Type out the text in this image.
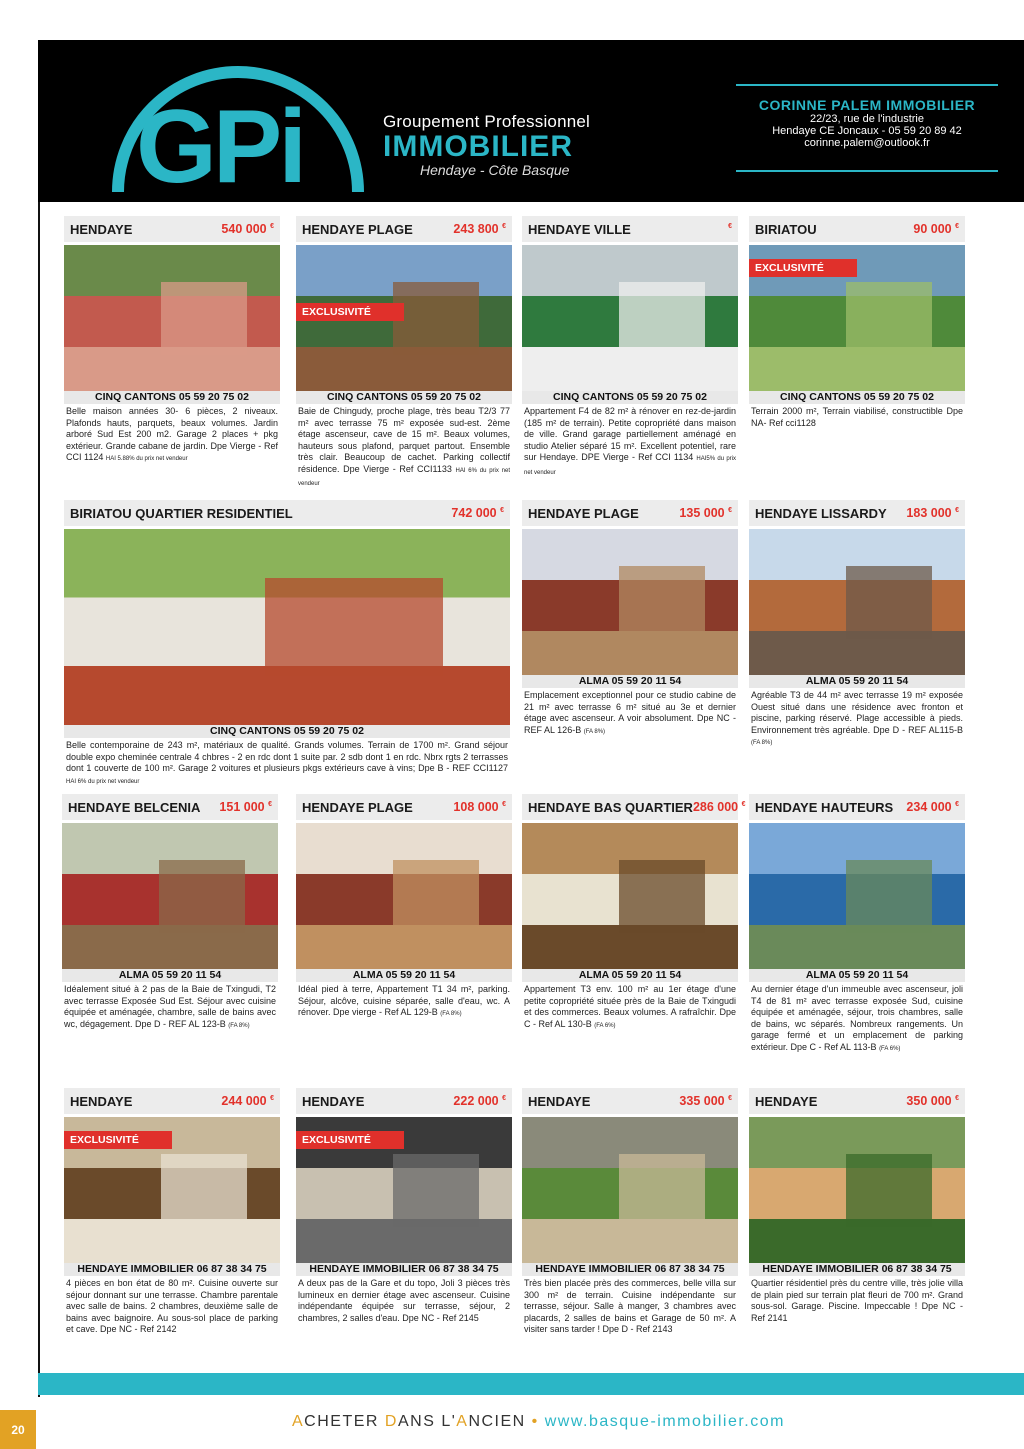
GPi	Groupement Professionnel
IMMOBILIER
Hendaye - Côte Basque
CORINNE PALEM IMMOBILIER
22/23, rue de l'industrie
Hendaye CE Joncaux - 05 59 20 89 42
corinne.palem@outlook.fr
HENDAYE	540 000 €
CINQ CANTONS 05 59 20 75 02
Belle maison années 30- 6 pièces, 2 niveaux. Plafonds hauts, parquets, beaux volumes. Jardin arboré Sud Est 200 m2. Garage 2 places + pkg extérieur. Grande cabane de jardin. Dpe Vierge - Ref CCI 1124 HAI 5.88% du prix net vendeur
HENDAYE PLAGE	243 800 €
EXCLUSIVITÉ
CINQ CANTONS 05 59 20 75 02
Baie de Chingudy, proche plage, très beau T2/3 77 m² avec terrasse 75 m² exposée sud-est. 2ème étage ascenseur, cave de 15 m². Beaux volumes, hauteurs sous plafond, parquet partout. Ensemble très clair. Beaucoup de cachet. Parking collectif résidence. Dpe Vierge - Ref CCI1133 HAI 6% du prix net vendeur
HENDAYE VILLE	€
CINQ CANTONS 05 59 20 75 02
Appartement F4 de 82 m² à rénover en rez-de-jardin (185 m² de terrain). Petite copropriété dans maison de ville. Grand garage partiellement aménagé en studio Atelier séparé 15 m². Excellent potentiel, rare sur Hendaye. DPE Vierge - Ref CCI 1134 HAI5% du prix net vendeur
BIRIATOU	90 000 €
EXCLUSIVITÉ
CINQ CANTONS 05 59 20 75 02
Terrain 2000 m², Terrain viabilisé, constructible Dpe NA- Ref cci1128
BIRIATOU QUARTIER RESIDENTIEL	742 000 €
CINQ CANTONS 05 59 20 75 02
Belle contemporaine de 243 m², matériaux de qualité. Grands volumes. Terrain de 1700 m². Grand séjour double expo cheminée centrale 4 chbres - 2 en rdc dont 1 suite par. 2 sdb dont 1 en rdc. Nbrx rgts 2 terrasses dont 1 couverte de 100 m². Garage 2 voitures et plusieurs pkgs extérieurs cave à vins; Dpe B - REF CCI1127 HAI 6% du prix net vendeur
HENDAYE PLAGE	135 000 €
ALMA 05 59 20 11 54
Emplacement exceptionnel pour ce studio cabine de 21 m² avec terrasse 6 m² situé au 3e et dernier étage avec ascenseur. A voir absolument. Dpe NC - REF AL 126-B (FA 8%)
HENDAYE LISSARDY 183 000 €
ALMA 05 59 20 11 54
Agréable T3 de 44 m² avec terrasse 19 m² exposée Ouest situé dans une résidence avec fronton et piscine, parking réservé. Plage accessible à pieds. Environnement très agréable. Dpe D - REF AL115-B (FA 8%)
HENDAYE BELCENIA 151 000 €
ALMA 05 59 20 11 54
Idéalement situé à 2 pas de la Baie de Txingudi, T2 avec terrasse Exposée Sud Est. Séjour avec cuisine équipée et aménagée, chambre, salle de bains avec wc, dégagement. Dpe D - REF AL 123-B (FA 8%)
HENDAYE PLAGE	108 000 €
ALMA 05 59 20 11 54
Idéal pied à terre, Appartement T1 34 m², parking. Séjour, alcôve, cuisine séparée, salle d'eau, wc. A rénover. Dpe vierge - Ref AL 129-B (FA 8%)
HENDAYE BAS QUARTIER 286 000 €
ALMA 05 59 20 11 54
Appartement T3 env. 100 m² au 1er étage d'une petite copropriété située près de la Baie de Txingudi et des commerces. Beaux volumes. A rafraîchir. Dpe C - Ref AL 130-B (FA 6%)
HENDAYE HAUTEURS 234 000 €
ALMA 05 59 20 11 54
Au dernier étage d'un immeuble avec ascenseur, joli T4 de 81 m² avec terrasse exposée Sud, cuisine équipée et aménagée, séjour, trois chambres, salle de bains, wc séparés. Nombreux rangements. Un garage fermé et un emplacement de parking extérieur. Dpe C - Ref AL 113-B (FA 6%)
HENDAYE	244 000 €
EXCLUSIVITÉ
HENDAYE IMMOBILIER 06 87 38 34 75
4 pièces en bon état de 80 m². Cuisine ouverte sur séjour donnant sur une terrasse. Chambre parentale avec salle de bains. 2 chambres, deuxième salle de bains avec baignoire. Au sous-sol place de parking et cave. Dpe NC - Ref 2142
HENDAYE	222 000 €
EXCLUSIVITÉ
HENDAYE IMMOBILIER 06 87 38 34 75
A deux pas de la Gare et du topo, Joli 3 pièces très lumineux en dernier étage avec ascenseur. Cuisine indépendante équipée sur terrasse, séjour, 2 chambres, 2 salles d'eau. Dpe NC - Ref 2145
HENDAYE	335 000 €
HENDAYE IMMOBILIER 06 87 38 34 75
Très bien placée près des commerces, belle villa sur 300 m² de terrain. Cuisine indépendante sur terrasse, séjour. Salle à manger, 3 chambres avec placards, 2 salles de bains et Garage de 50 m². A visiter sans tarder ! Dpe D - Ref 2143
HENDAYE	350 000 €
HENDAYE IMMOBILIER 06 87 38 34 75
Quartier résidentiel près du centre ville, très jolie villa de plain pied sur terrain plat fleuri de 700 m². Grand sous-sol. Garage. Piscine. Impeccable ! Dpe NC - Ref 2141
20	ACHETER DANS L'ANCIEN • www.basque-immobilier.com
